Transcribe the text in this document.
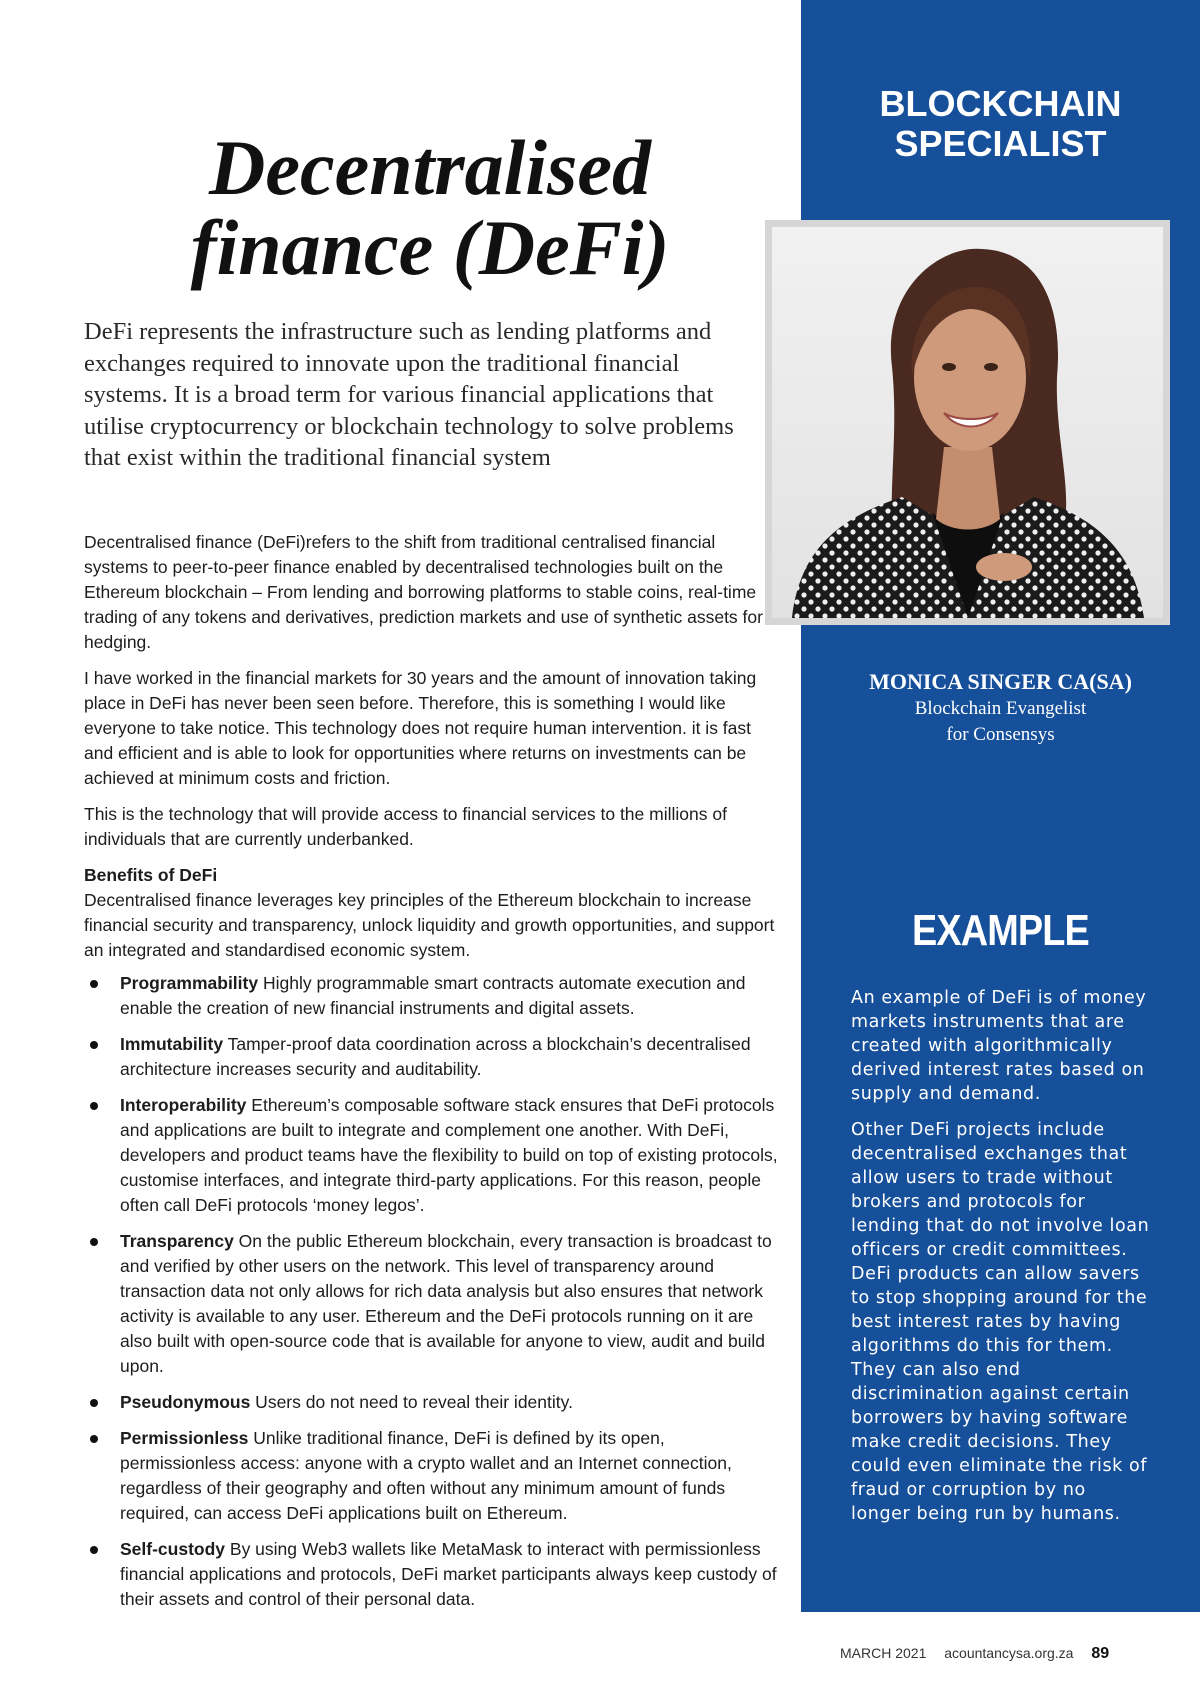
Decentralised
finance (DeFi)

DeFi represents the infrastructure such as lending platforms and exchanges required to innovate upon the traditional financial systems. It is a broad term for various financial applications that utilise cryptocurrency or blockchain technology to solve problems that exist within the traditional financial system

Decentralised finance (DeFi)refers to the shift from traditional centralised financial systems to peer-to-peer finance enabled by decentralised technologies built on the Ethereum blockchain – From lending and borrowing platforms to stable coins, real-time trading of any tokens and derivatives, prediction markets and use of synthetic assets for hedging.

I have worked in the financial markets for 30 years and the amount of innovation taking place in DeFi has never been seen before. Therefore, this is something I would like everyone to take notice. This technology does not require human intervention. it is fast and efficient and is able to look for opportunities where returns on investments can be achieved at minimum costs and friction.

This is the technology that will provide access to financial services to the millions of individuals that are currently underbanked.

Benefits of DeFi

Decentralised finance leverages key principles of the Ethereum blockchain to increase financial security and transparency, unlock liquidity and growth opportunities, and support an integrated and standardised economic system.

Programmability Highly programmable smart contracts automate execution and enable the creation of new financial instruments and digital assets.
Immutability Tamper-proof data coordination across a blockchain’s decentralised architecture increases security and auditability.
Interoperability Ethereum’s composable software stack ensures that DeFi protocols and applications are built to integrate and complement one another. With DeFi, developers and product teams have the flexibility to build on top of existing protocols, customise interfaces, and integrate third-party applications. For this reason, people often call DeFi protocols ‘money legos’.
Transparency On the public Ethereum blockchain, every transaction is broadcast to and verified by other users on the network. This level of transparency around transaction data not only allows for rich data analysis but also ensures that network activity is available to any user. Ethereum and the DeFi protocols running on it are also built with open-source code that is available for anyone to view, audit and build upon.
Pseudonymous Users do not need to reveal their identity.
Permissionless Unlike traditional finance, DeFi is defined by its open, permissionless access: anyone with a crypto wallet and an Internet connection, regardless of their geography and often without any minimum amount of funds required, can access DeFi applications built on Ethereum.
Self-custody By using Web3 wallets like MetaMask to interact with permissionless financial applications and protocols, DeFi market participants always keep custody of their assets and control of their personal data.
BLOCKCHAIN
SPECIALIST
MONICA SINGER CA(SA)
Blockchain Evangelist
for Consensys
EXAMPLE

An example of DeFi is of money markets instruments that are created with algorithmically derived interest rates based on supply and demand.

Other DeFi projects include decentralised exchanges that allow users to trade without brokers and protocols for lending that do not involve loan officers or credit committees. DeFi products can allow savers to stop shopping around for the best interest rates by having algorithms do this for them. They can also end discrimination against certain borrowers by having software make credit decisions. They could even eliminate the risk of fraud or corruption by no longer being run by humans.

MARCH 2021 acountancysa.org.za 89
